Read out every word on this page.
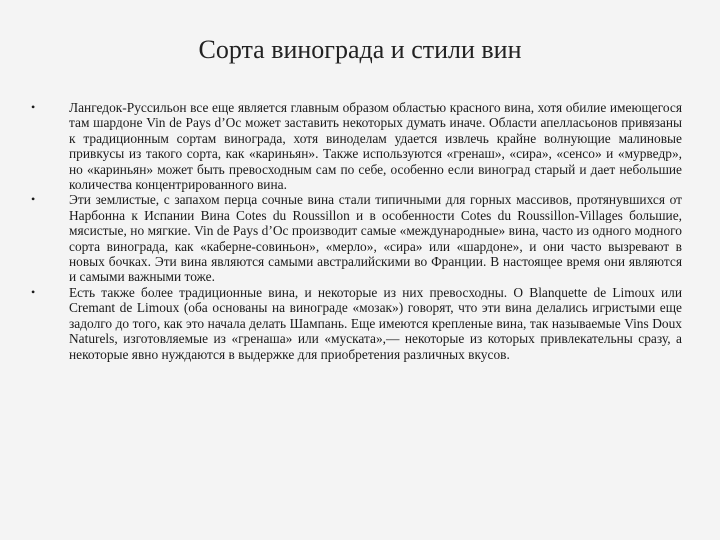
Сорта винограда и стили вин
•	Лангедок-Руссильон все еще является главным образом областью красного вина, хотя обилие имеющегося там шардоне Vin de Pays d’Oc может заставить некоторых думать иначе. Области апелласьонов привязаны к традиционным сортам винограда, хотя виноделам удается извлечь крайне волнующие малиновые привкусы из такого сорта, как «кариньян». Также используются «гренаш», «сира», «сенсо» и «мурведр», но «кариньян» может быть превосходным сам по себе, особенно если виноград старый и дает небольшие количества концентрированного вина.
•	Эти землистые, с запахом перца сочные вина стали типичными для горных массивов, протянувшихся от Нарбонна к Испании Вина Cotes du Roussillon и в особенности Cotes du Roussillon-Villages большие, мясистые, но мягкие. Vin de Pays d’Oc производит самые «международные» вина, часто из одного модного сорта винограда, как «каберне-совиньон», «мерло», «сира» или «шардоне», и они часто вызревают в новых бочках. Эти вина являются самыми австралийскими во Франции. В настоящее время они являются и самыми важными тоже.
•	Есть также более традиционные вина, и некоторые из них превосходны. О Blanquette de Limoux или Cremant de Limoux (оба основаны на винограде «мозак») говорят, что эти вина делались игристыми еще задолго до того, как это начала делать Шампань. Еще имеются крепленые вина, так называемые Vins Doux Naturels, изготовляемые из «гренаша» или «муската»,— некоторые из которых привлекательны сразу, а некоторые явно нуждаются в выдержке для приобретения различных вкусов.
